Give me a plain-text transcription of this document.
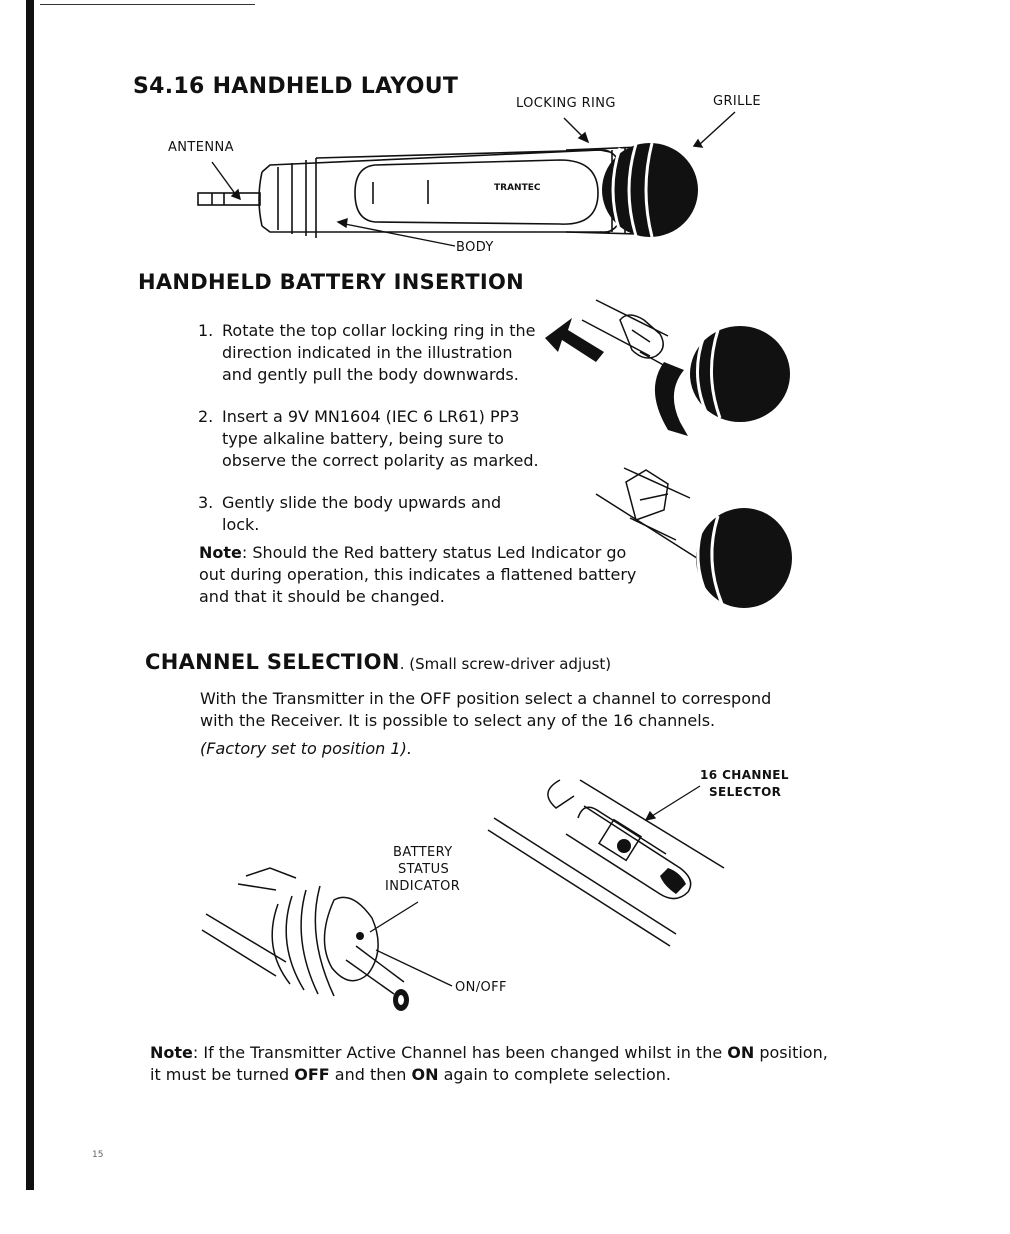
S4.16 HANDHELD LAYOUT
LOCKING RING	GRILLE
ANTENNA
BODY
TRANTEC
HANDHELD BATTERY INSERTION
1. Rotate the top collar locking ring in the direction indicated in the illustration and gently pull the body downwards.
2. Insert a 9V MN1604 (IEC 6 LR61) PP3 type alkaline battery, being sure to observe the correct polarity as marked.
3. Gently slide the body upwards and lock.

Note: Should the Red battery status Led Indicator go out during operation, this indicates a flattened battery and that it should be changed.

CHANNEL SELECTION. (Small screw-driver adjust)

With the Transmitter in the OFF position select a channel to correspond with the Receiver. It is possible to select any of the 16 channels.

(Factory set to position 1).

16 CHANNEL
SELECTOR
BATTERY
STATUS
INDICATOR
ON/OFF

Note: If the Transmitter Active Channel has been changed whilst in the ON position, it must be turned OFF and then ON again to complete selection.

15
